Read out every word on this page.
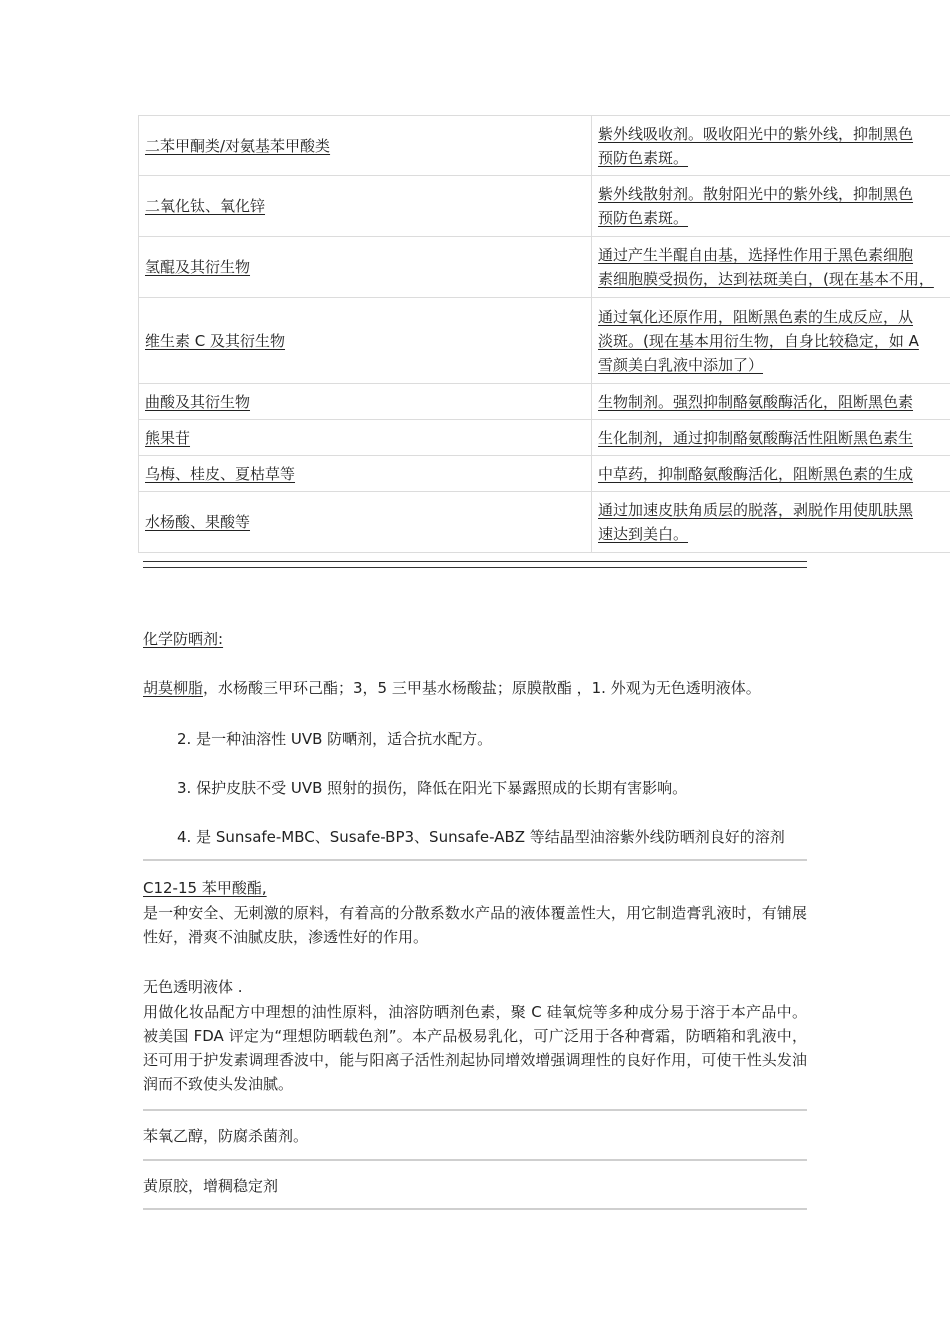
二苯甲酮类/对氨基苯甲酸类	紫外线吸收剂。吸收阳光中的紫外线，抑制黑色
预防色素斑。

二氧化钛、氧化锌	紫外线散射剂。散射阳光中的紫外线，抑制黑色
预防色素斑。

氢醌及其衍生物	通过产生半醌自由基，选择性作用于黑色素细胞
素细胞膜受损伤，达到祛斑美白，(现在基本不用，

维生素 C 及其衍生物	通过氧化还原作用，阻断黑色素的生成反应，从
淡斑。(现在基本用衍生物，自身比较稳定，如 A
雪颜美白乳液中添加了）

曲酸及其衍生物	生物制剂。强烈抑制酪氨酸酶活化，阻断黑色素

熊果苷	生化制剂，通过抑制酪氨酸酶活性阻断黑色素生

乌梅、桂皮、夏枯草等	中草药，抑制酪氨酸酶活化，阻断黑色素的生成

水杨酸、果酸等	通过加速皮肤角质层的脱落，剥脱作用使肌肤黑
速达到美白。
化学防晒剂:
胡莫柳脂，水杨酸三甲环己酯；3，5 三甲基水杨酸盐；原膜散酯 ，1. 外观为无色透明液体。
2. 是一种油溶性 UVB 防嗮剂，适合抗水配方。
3. 保护皮肤不受 UVB 照射的损伤，降低在阳光下暴露照成的长期有害影响。
4. 是 Sunsafe-MBC、Susafe-BP3、Sunsafe-ABZ 等结晶型油溶紫外线防晒剂良好的溶剂
C12-15 苯甲酸酯,
是一种安全、无刺激的原料，有着高的分散系数水产品的液体覆盖性大，用它制造膏乳液时，有铺展性好，滑爽不油腻皮肤，渗透性好的作用。
无色透明液体 .
用做化妆品配方中理想的油性原料，油溶防晒剂色素，聚 C 硅氧烷等多种成分易于溶于本产品中。被美国 FDA 评定为“理想防晒载色剂”。本产品极易乳化，可广泛用于各种膏霜，防晒箱和乳液中，还可用于护发素调理香波中，能与阳离子活性剂起协同增效增强调理性的良好作用，可使干性头发油润而不致使头发油腻。
苯氧乙醇，防腐杀菌剂。
黄原胶，增稠稳定剂
